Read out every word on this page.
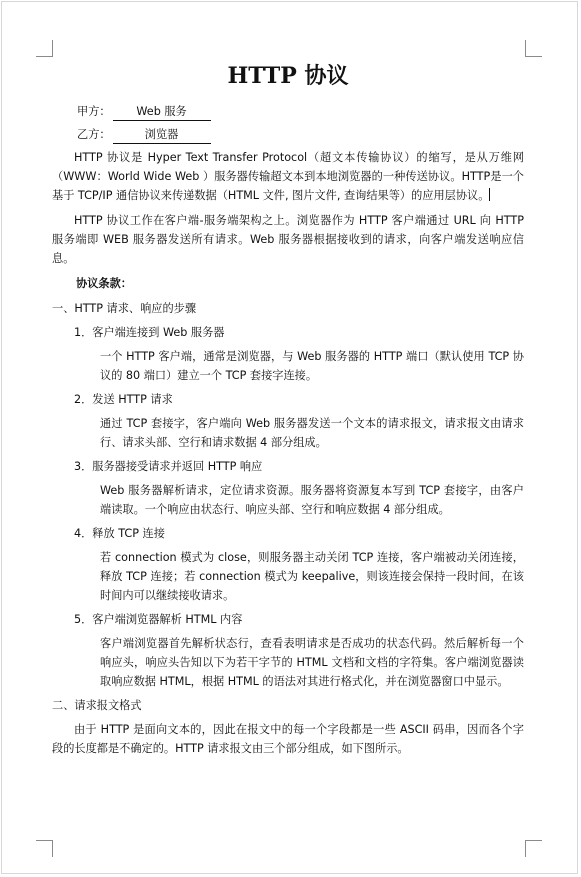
HTTP 协议
甲方： Web 服务
乙方：	浏览器

HTTP 协议是 Hyper Text Transfer Protocol（超文本传输协议）的缩写，是从万维网（WWW：World Wide Web ）服务器传输超文本到本地浏览器的一种传送协议。HTTP是一个基于 TCP/IP 通信协议来传递数据（HTML 文件, 图片文件, 查询结果等）的应用层协议。

HTTP 协议工作在客户端-服务端架构之上。浏览器作为 HTTP 客户端通过 URL 向 HTTP 服务端即 WEB 服务器发送所有请求。Web 服务器根据接收到的请求，向客户端发送响应信息。

协议条款：
一、HTTP 请求、响应的步骤
1．客户端连接到 Web 服务器

一个 HTTP 客户端，通常是浏览器，与 Web 服务器的 HTTP 端口（默认使用 TCP 协议的 80 端口）建立一个 TCP 套接字连接。

2．发送 HTTP 请求

通过 TCP 套接字，客户端向 Web 服务器发送一个文本的请求报文，请求报文由请求行、请求头部、空行和请求数据 4 部分组成。

3．服务器接受请求并返回 HTTP 响应

Web 服务器解析请求，定位请求资源。服务器将资源复本写到 TCP 套接字，由客户端读取。一个响应由状态行、响应头部、空行和响应数据 4 部分组成。

4．释放 TCP 连接

若 connection 模式为 close，则服务器主动关闭 TCP 连接，客户端被动关闭连接，释放 TCP 连接；若 connection 模式为 keepalive，则该连接会保持一段时间，在该时间内可以继续接收请求。

5．客户端浏览器解析 HTML 内容

客户端浏览器首先解析状态行，查看表明请求是否成功的状态代码。然后解析每一个响应头，响应头告知以下为若干字节的 HTML 文档和文档的字符集。客户端浏览器读取响应数据 HTML，根据 HTML 的语法对其进行格式化，并在浏览器窗口中显示。

二、请求报文格式

由于 HTTP 是面向文本的，因此在报文中的每一个字段都是一些 ASCII 码串，因而各个字段的长度都是不确定的。HTTP 请求报文由三个部分组成，如下图所示。
